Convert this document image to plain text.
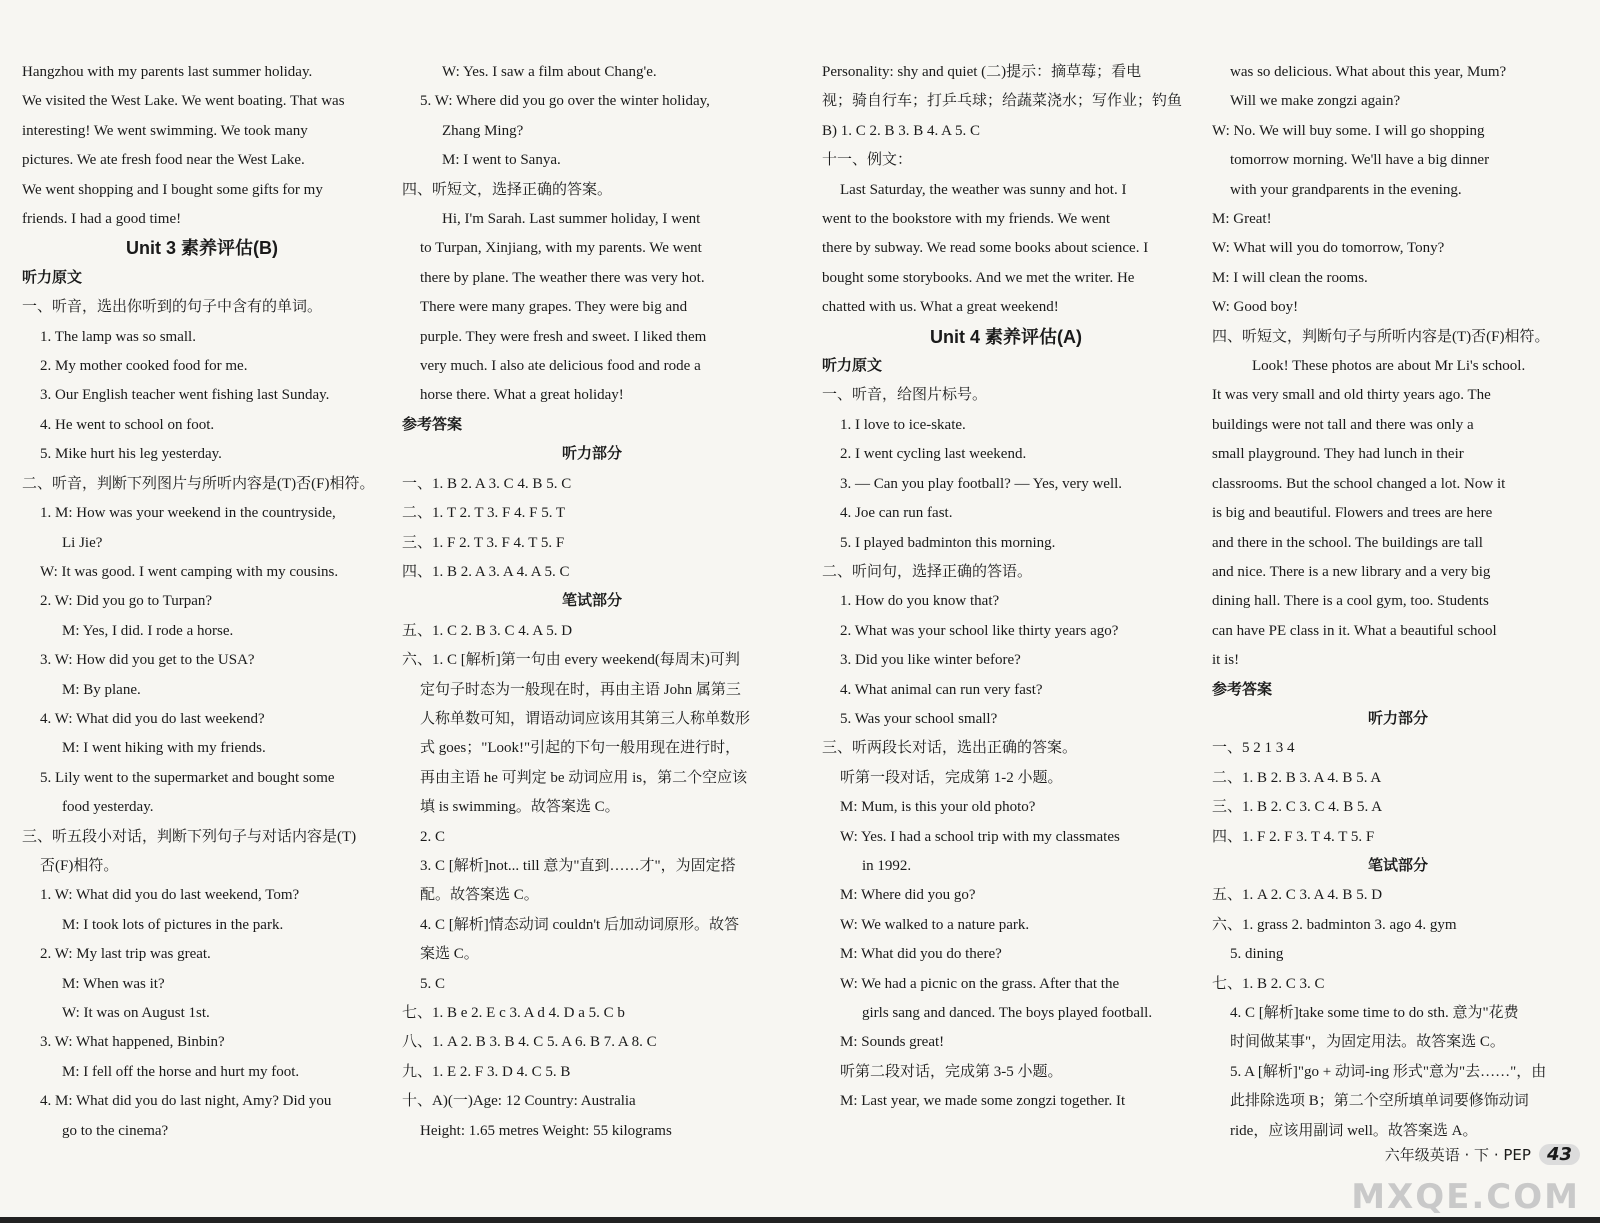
Hangzhou with my parents last summer holiday.
We visited the West Lake. We went boating. That was
interesting! We went swimming. We took many
pictures. We ate fresh food near the West Lake.
We went shopping and I bought some gifts for my
friends. I had a good time!
Unit 3 素养评估(B)
听力原文
一、听音，选出你听到的句子中含有的单词。
1. The lamp was so small.
2. My mother cooked food for me.
3. Our English teacher went fishing last Sunday.
4. He went to school on foot.
5. Mike hurt his leg yesterday.
二、听音，判断下列图片与所听内容是(T)否(F)相符。
1. M: How was your weekend in the countryside,
Li Jie?
W: It was good. I went camping with my cousins.
2. W: Did you go to Turpan?
M: Yes, I did. I rode a horse.
3. W: How did you get to the USA?
M: By plane.
4. W: What did you do last weekend?
M: I went hiking with my friends.
5. Lily went to the supermarket and bought some
food yesterday.
三、听五段小对话，判断下列句子与对话内容是(T)
否(F)相符。
1. W: What did you do last weekend, Tom?
M: I took lots of pictures in the park.
2. W: My last trip was great.
M: When was it?
W: It was on August 1st.
3. W: What happened, Binbin?
M: I fell off the horse and hurt my foot.
4. M: What did you do last night, Amy? Did you
go to the cinema?
W: Yes. I saw a film about Chang'e.
5. W: Where did you go over the winter holiday,
Zhang Ming?
M: I went to Sanya.
四、听短文，选择正确的答案。
Hi, I'm Sarah. Last summer holiday, I went
to Turpan, Xinjiang, with my parents. We went
there by plane. The weather there was very hot.
There were many grapes. They were big and
purple. They were fresh and sweet. I liked them
very much. I also ate delicious food and rode a
horse there. What a great holiday!
参考答案
听力部分
一、1. B 2. A 3. C 4. B 5. C
二、1. T 2. T 3. F 4. F 5. T
三、1. F 2. T 3. F 4. T 5. F
四、1. B 2. A 3. A 4. A 5. C
笔试部分
五、1. C 2. B 3. C 4. A 5. D
六、1. C [解析]第一句由 every weekend(每周末)可判
定句子时态为一般现在时，再由主语 John 属第三
人称单数可知，谓语动词应该用其第三人称单数形
式 goes；"Look!"引起的下句一般用现在进行时，
再由主语 he 可判定 be 动词应用 is，第二个空应该
填 is swimming。故答案选 C。
2. C
3. C [解析]not... till 意为"直到……才"，为固定搭
配。故答案选 C。
4. C [解析]情态动词 couldn't 后加动词原形。故答
案选 C。
5. C
七、1. B e 2. E c 3. A d 4. D a 5. C b
八、1. A 2. B 3. B 4. C 5. A 6. B 7. A 8. C
九、1. E 2. F 3. D 4. C 5. B
十、A)(一)Age: 12 Country: Australia
Height: 1.65 metres Weight: 55 kilograms
Personality: shy and quiet (二)提示：摘草莓；看电
视；骑自行车；打乒乓球；给蔬菜浇水；写作业；钓鱼
B) 1. C 2. B 3. B 4. A 5. C
十一、例文：
Last Saturday, the weather was sunny and hot. I
went to the bookstore with my friends. We went
there by subway. We read some books about science. I
bought some storybooks. And we met the writer. He
chatted with us. What a great weekend!
Unit 4 素养评估(A)
听力原文
一、听音，给图片标号。
1. I love to ice-skate.
2. I went cycling last weekend.
3. — Can you play football? — Yes, very well.
4. Joe can run fast.
5. I played badminton this morning.
二、听问句，选择正确的答语。
1. How do you know that?
2. What was your school like thirty years ago?
3. Did you like winter before?
4. What animal can run very fast?
5. Was your school small?
三、听两段长对话，选出正确的答案。
听第一段对话，完成第 1-2 小题。
M: Mum, is this your old photo?
W: Yes. I had a school trip with my classmates
in 1992.
M: Where did you go?
W: We walked to a nature park.
M: What did you do there?
W: We had a picnic on the grass. After that the
girls sang and danced. The boys played football.
M: Sounds great!
听第二段对话，完成第 3-5 小题。
M: Last year, we made some zongzi together. It
was so delicious. What about this year, Mum?
Will we make zongzi again?
W: No. We will buy some. I will go shopping
tomorrow morning. We'll have a big dinner
with your grandparents in the evening.
M: Great!
W: What will you do tomorrow, Tony?
M: I will clean the rooms.
W: Good boy!
四、听短文，判断句子与所听内容是(T)否(F)相符。
Look! These photos are about Mr Li's school.
It was very small and old thirty years ago. The
buildings were not tall and there was only a
small playground. They had lunch in their
classrooms. But the school changed a lot. Now it
is big and beautiful. Flowers and trees are here
and there in the school. The buildings are tall
and nice. There is a new library and a very big
dining hall. There is a cool gym, too. Students
can have PE class in it. What a beautiful school
it is!
参考答案
听力部分
一、5 2 1 3 4
二、1. B 2. B 3. A 4. B 5. A
三、1. B 2. C 3. C 4. B 5. A
四、1. F 2. F 3. T 4. T 5. F
笔试部分
五、1. A 2. C 3. A 4. B 5. D
六、1. grass 2. badminton 3. ago 4. gym
5. dining
七、1. B 2. C 3. C
4. C [解析]take some time to do sth. 意为"花费
时间做某事"，为固定用法。故答案选 C。
5. A [解析]"go + 动词-ing 形式"意为"去……"，由
此排除选项 B；第二个空所填单词要修饰动词
ride，应该用副词 well。故答案选 A。
六年级英语 · 下 · PEP 43
MXQE.COM
